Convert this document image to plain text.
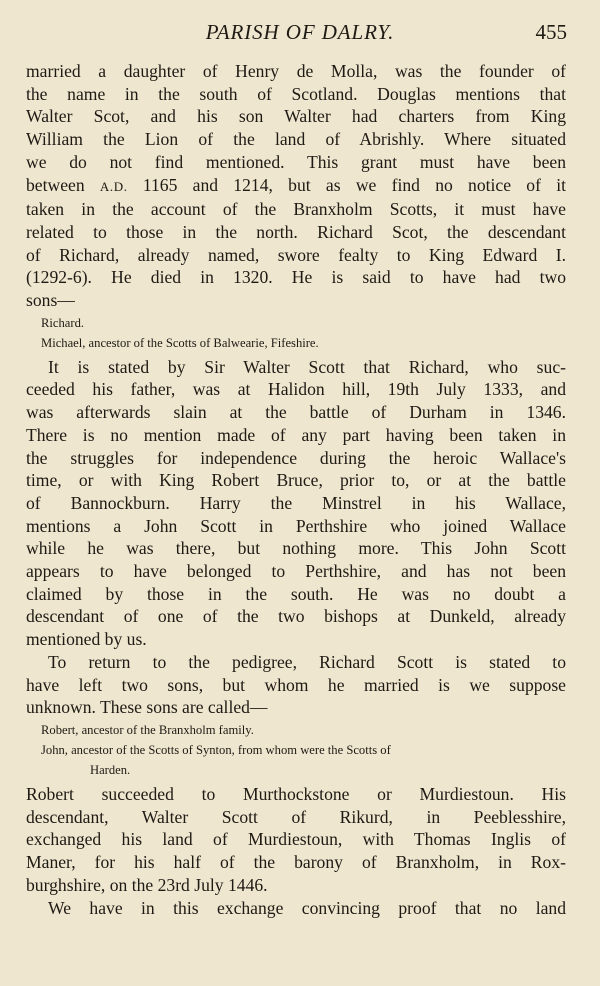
PARISH OF DALRY.	455
married a daughter of Henry de Molla, was the founder of
the name in the south of Scotland. Douglas mentions that
Walter Scot, and his son Walter had charters from King
William the Lion of the land of Abrishly. Where situated
we do not find mentioned. This grant must have been
between A.D. 1165 and 1214, but as we find no notice of it
taken in the account of the Branxholm Scotts, it must have
related to those in the north. Richard Scot, the descendant
of Richard, already named, swore fealty to King Edward I.
(1292-6). He died in 1320. He is said to have had two
sons—
Richard.
Michael, ancestor of the Scotts of Balwearie, Fifeshire.
It is stated by Sir Walter Scott that Richard, who suc-
ceeded his father, was at Halidon hill, 19th July 1333, and
was afterwards slain at the battle of Durham in 1346.
There is no mention made of any part having been taken in
the struggles for independence during the heroic Wallace's
time, or with King Robert Bruce, prior to, or at the battle
of Bannockburn. Harry the Minstrel in his Wallace,
mentions a John Scott in Perthshire who joined Wallace
while he was there, but nothing more. This John Scott
appears to have belonged to Perthshire, and has not been
claimed by those in the south. He was no doubt a
descendant of one of the two bishops at Dunkeld, already
mentioned by us.
To return to the pedigree, Richard Scott is stated to
have left two sons, but whom he married is we suppose
unknown. These sons are called—
Robert, ancestor of the Branxholm family.
John, ancestor of the Scotts of Synton, from whom were the Scotts of
Harden.
Robert succeeded to Murthockstone or Murdiestoun. His
descendant, Walter Scott of Rikurd, in Peeblesshire,
exchanged his land of Murdiestoun, with Thomas Inglis of
Maner, for his half of the barony of Branxholm, in Rox-
burghshire, on the 23rd July 1446.
We have in this exchange convincing proof that no land
